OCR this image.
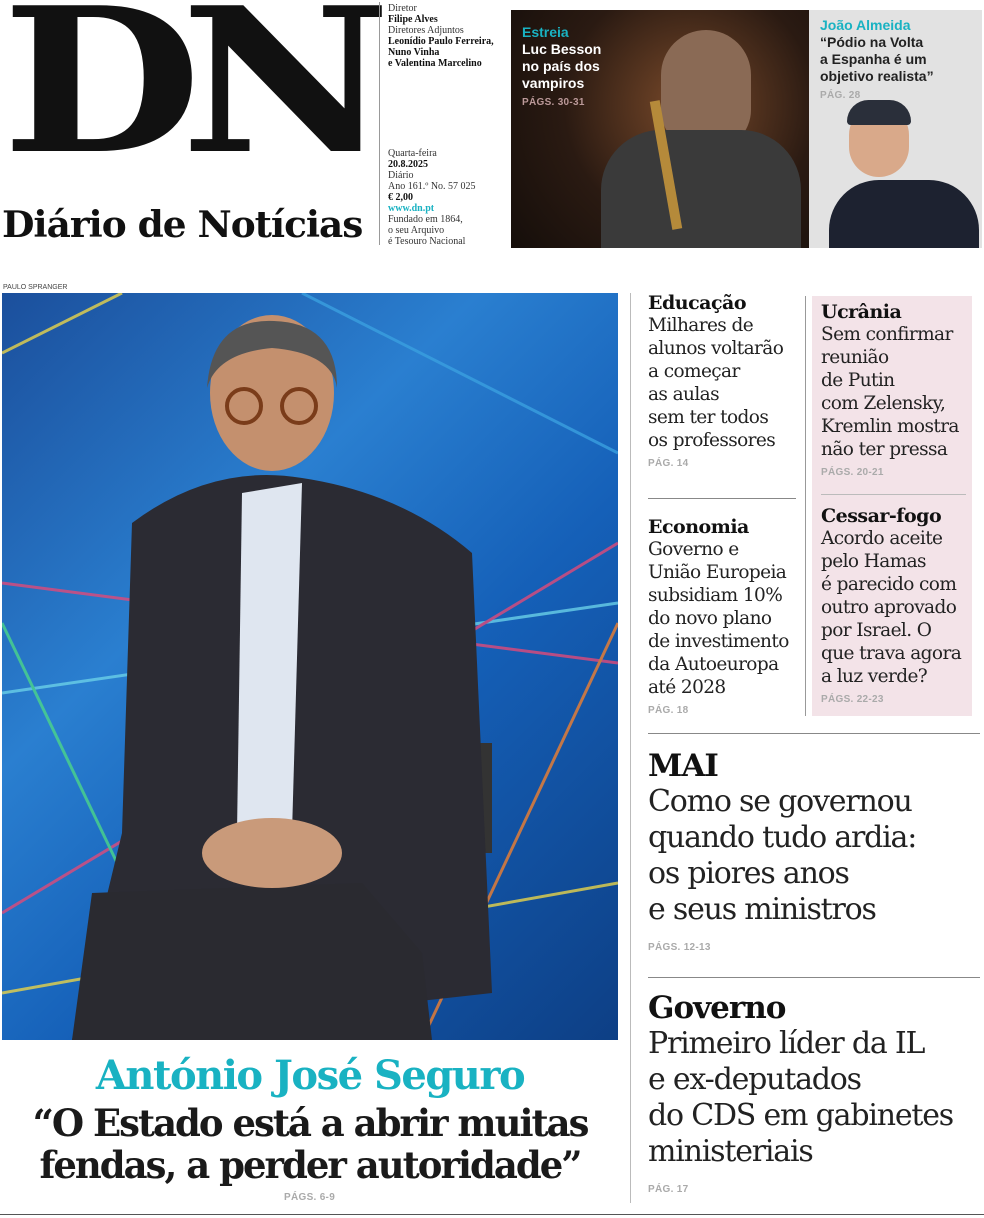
DN
Diário de Notícias
Diretor
Filipe Alves
Diretores Adjuntos
Leonídio Paulo Ferreira,
Nuno Vinha
e Valentina Marcelino
Quarta-feira
20.8.2025
Diário
Ano 161.º No. 57 025
€ 2,00
www.dn.pt
Fundado em 1864,
o seu Arquivo
é Tesouro Nacional
Estreia
Luc Besson
no país dos
vampiros
PÁGS. 30-31
João Almeida
“Pódio na Volta
a Espanha é um
objetivo realista”
PÁG. 28
PAULO SPRANGER
António José Seguro
“O Estado está a abrir muitas
fendas, a perder autoridade”
PÁGS. 6-9
Educação
Milhares de
alunos voltarão
a começar
as aulas
sem ter todos
os professores
PÁG. 14
Economia
Governo e
União Europeia
subsidiam 10%
do novo plano
de investimento
da Autoeuropa
até 2028
PÁG. 18
Ucrânia
Sem confirmar
reunião
de Putin
com Zelensky,
Kremlin mostra
não ter pressa
PÁGS. 20-21
Cessar-fogo
Acordo aceite
pelo Hamas
é parecido com
outro aprovado
por Israel. O
que trava agora
a luz verde?
PÁGS. 22-23
MAI
Como se governou
quando tudo ardia:
os piores anos
e seus ministros
PÁGS. 12-13
Governo
Primeiro líder da IL
e ex-deputados
do CDS em gabinetes
ministeriais
PÁG. 17
